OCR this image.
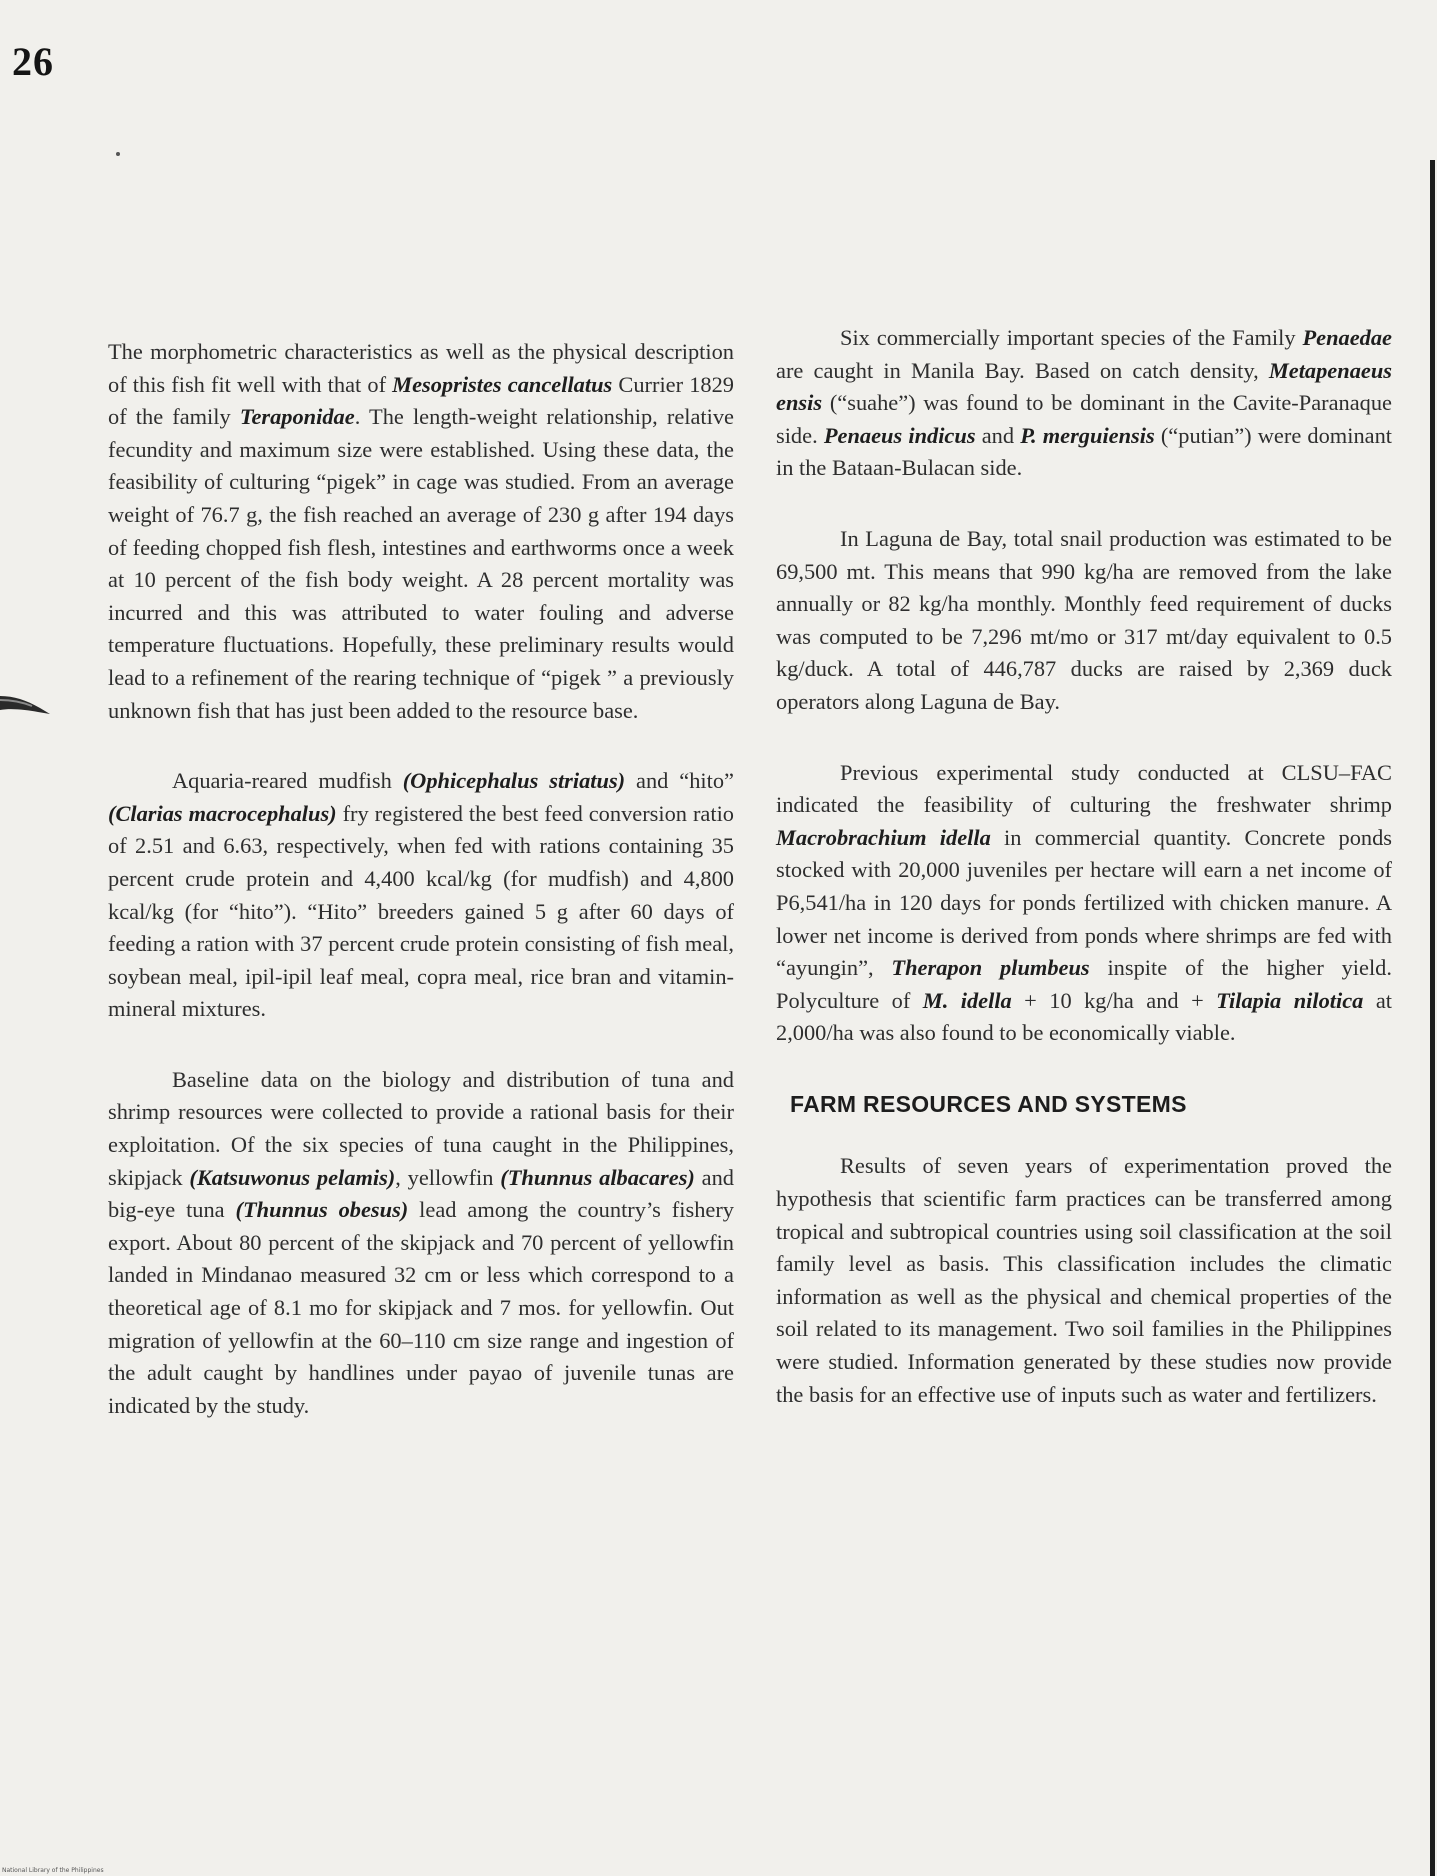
26

The morphometric characteristics as well as the physical description of this fish fit well with that of Mesopristes cancellatus Currier 1829 of the family Teraponidae. The length-weight relationship, relative fecundity and maximum size were established. Using these data, the feasibility of culturing “pigek” in cage was studied. From an average weight of 76.7 g, the fish reached an average of 230 g after 194 days of feeding chopped fish flesh, intestines and earthworms once a week at 10 percent of the fish body weight. A 28 percent mortality was incurred and this was attributed to water fouling and adverse temperature fluctuations. Hopefully, these preliminary results would lead to a refinement of the rearing technique of “pigek ” a previously unknown fish that has just been added to the resource base.

Aquaria-reared mudfish (Ophicephalus striatus) and “hito” (Clarias macrocephalus) fry registered the best feed conversion ratio of 2.51 and 6.63, respectively, when fed with rations containing 35 percent crude protein and 4,400 kcal/kg (for mudfish) and 4,800 kcal/kg (for “hito”). “Hito” breeders gained 5 g after 60 days of feeding a ration with 37 percent crude protein consisting of fish meal, soybean meal, ipil-ipil leaf meal, copra meal, rice bran and vitamin-mineral mixtures.

Baseline data on the biology and distribution of tuna and shrimp resources were collected to provide a rational basis for their exploitation. Of the six species of tuna caught in the Philippines, skipjack (Katsuwonus pelamis), yellowfin (Thunnus albacares) and big-eye tuna (Thunnus obesus) lead among the country’s fishery export. About 80 percent of the skipjack and 70 percent of yellowfin landed in Mindanao measured 32 cm or less which correspond to a theoretical age of 8.1 mo for skipjack and 7 mos. for yellowfin. Out migration of yellowfin at the 60–110 cm size range and ingestion of the adult caught by handlines under payao of juvenile tunas are indicated by the study.

Six commercially important species of the Family Penaedae are caught in Manila Bay. Based on catch density, Metapenaeus ensis (“suahe”) was found to be dominant in the Cavite-Paranaque side. Penaeus indicus and P. merguiensis (“putian”) were dominant in the Bataan-Bulacan side.

In Laguna de Bay, total snail production was estimated to be 69,500 mt. This means that 990 kg/ha are removed from the lake annually or 82 kg/ha monthly. Monthly feed requirement of ducks was computed to be 7,296 mt/mo or 317 mt/day equivalent to 0.5 kg/duck. A total of 446,787 ducks are raised by 2,369 duck operators along Laguna de Bay.

Previous experimental study conducted at CLSU–FAC indicated the feasibility of culturing the freshwater shrimp Macrobrachium idella in commercial quantity. Concrete ponds stocked with 20,000 juveniles per hectare will earn a net income of P6,541/ha in 120 days for ponds fertilized with chicken manure. A lower net income is derived from ponds where shrimps are fed with “ayungin”, Therapon plumbeus inspite of the higher yield. Polyculture of M. idella + 10 kg/ha and + Tilapia nilotica at 2,000/ha was also found to be economically viable.

FARM RESOURCES AND SYSTEMS

Results of seven years of experimentation proved the hypothesis that scientific farm practices can be transferred among tropical and subtropical countries using soil classification at the soil family level as basis. This classification includes the climatic information as well as the physical and chemical properties of the soil related to its management. Two soil families in the Philippines were studied. Information generated by these studies now provide the basis for an effective use of inputs such as water and fertilizers.

National Library of the Philippines
